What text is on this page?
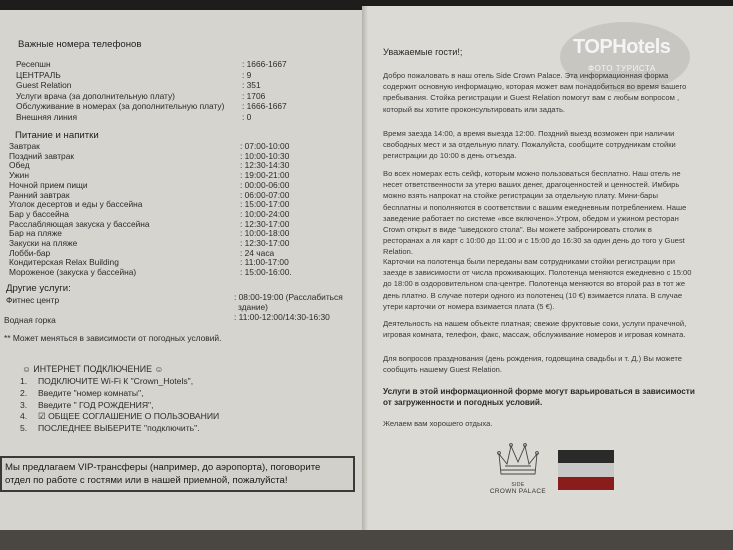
Важные номера телефонов
Ресепшн	: 1666-1667
ЦЕНТРАЛЬ	: 9
Guest Relation	: 351
Услуги врача (за дополнительную плату)	: 1706
Обслуживание в номерах (за дополнительную плату) : 1666-1667
Внешняя линия	: 0
Питание и напитки
Завтрак	: 07:00-10:00
Поздний завтрак	: 10:00-10:30
Обед	: 12:30-14:30
Ужин	: 19:00-21:00
Ночной прием пищи	: 00:00-06:00
Ранний завтрак	: 06:00-07:00
Уголок десертов и еды у бассейна	: 15:00-17:00
Бар у бассейна	: 10:00-24:00
Расслабляющая закуска у бассейна	: 12:30-17:00
Бар на пляже	: 10:00-18:00
Закуски на пляже	: 12:30-17:00
Лобби-бар	: 24 часа
Кондитерская Relax Building	: 11:00-17:00
Мороженое (закуска у бассейна)	: 15:00-16:00.
Другие услуги:
Фитнес центр	: 08:00-19:00 (Расслабиться
здание)
Водная горка	: 11:00-12:00/14:30-16:30
** Может меняться в зависимости от погодных условий.
☺ ИНТЕРНЕТ ПОДКЛЮЧЕНИЕ ☺
1. ПОДКЛЮЧИТЕ Wi-Fi К "Crown_Hotels",
2. Введите "номер комнаты",
3. Введите " ГОД РОЖДЕНИЯ",
4. ☑ ОБЩЕЕ СОГЛАШЕНИЕ О ПОЛЬЗОВАНИИ
5. ПОСЛЕДНЕЕ ВЫБЕРИТЕ "подключить".
Мы предлагаем VIP-трансферы (например, до аэропорта), поговорите
отдел по работе с гостями или в нашей приемной, пожалуйста!
Уважаемые гости!;
Добро пожаловать в наш отель Side Crown Palace. Эта информационная форма
содержит основную информацию, которая может вам понадобиться во время вашего
пребывания. Стойка регистрации и Guest Relation помогут вам с любым вопросом ,
который вы хотите проконсультировать или задать.
Время заезда 14:00, а время выезда 12:00. Поздний выезд возможен при наличии
свободных мест и за отдельную плату. Пожалуйста, сообщите сотрудникам стойки
регистрации до 10:00 в день отъезда.
Во всех номерах есть сейф, которым можно пользоваться бесплатно. Наш отель не
несет ответственности за утерю ваших денег, драгоценностей и ценностей. Имбирь
можно взять напрокат на стойке регистрации за отдельную плату. Мини-бары
бесплатны и пополняются в соответствии с вашим ежедневным потреблением. Наше
заведение работает по системе «все включено».Утром, обедом и ужином ресторан
Crown открыт в виде "шведского стола". Вы можете забронировать столик в
ресторанах а ля карт с 10:00 до 11:00 и с 15:00 до 16:30 за один день до того у Guest
Relation.
Карточки на полотенца были переданы вам сотрудниками стойки регистрации при
заезде в зависимости от числа проживающих. Полотенца меняются ежедневно с 15:00
до 18:00 в оздоровительном спа-центре. Полотенца меняются во второй раз в тот же
день платно. В случае потери одного из полотенец (10 €) взимается плата. В случае
утери карточки от номера взимается плата (5 €).
Деятельность на нашем объекте платная; свежие фруктовые соки, услуги прачечной,
игровая комната, телефон, факс, массаж, обслуживание номеров и игровая комната.
Для вопросов празднования (день рождения, годовщина свадьбы и т. Д.) Вы можете
сообщить нашему Guest Relation.
Услуги в этой информационной форме могут варьироваться в зависимости
от загруженности и погодных условий.
Желаем вам хорошего отдыха.
SIDE
CROWN PALACE
TOPHotels
ФОТО ТУРИСТА
